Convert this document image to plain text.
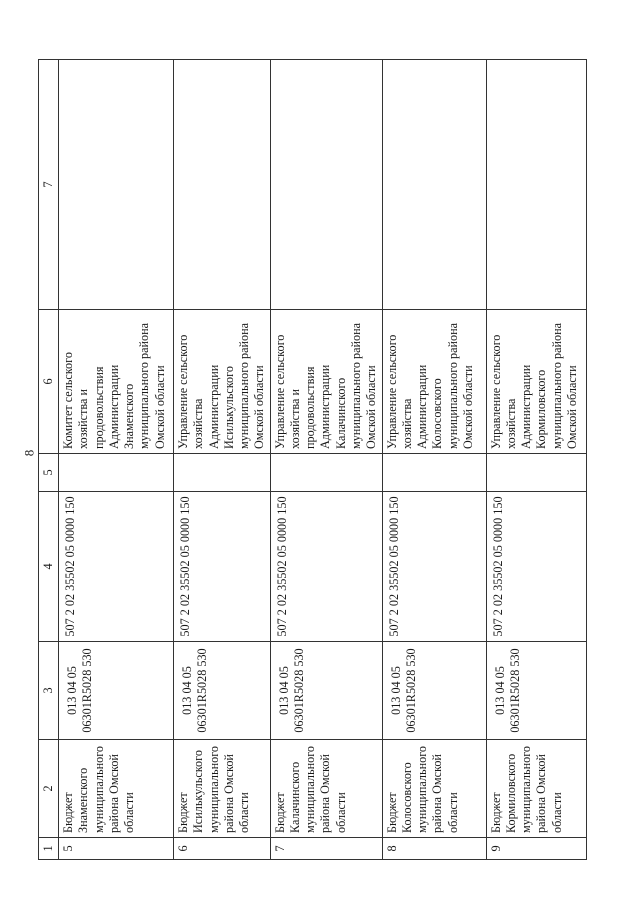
8
1	2	3	4	5	6	7
5	Бюджет Знаменского муниципального района Омской области	013 04 05 06301R5028 530	507 2 02 35502 05 0000 150		Комитет сельского хозяйства и продовольствия Администрации Знаменского муниципального района Омской области	
6	Бюджет Исилькульского муниципального района Омской области	013 04 05 06301R5028 530	507 2 02 35502 05 0000 150		Управление сельского хозяйства Администрации Исилькульского муниципального района Омской области	
7	Бюджет Калачинского муниципального района Омской области	013 04 05 06301R5028 530	507 2 02 35502 05 0000 150		Управление сельского хозяйства и продовольствия Администрации Калачинского муниципального района Омской области	
8	Бюджет Колосовского муниципального района Омской области	013 04 05 06301R5028 530	507 2 02 35502 05 0000 150		Управление сельского хозяйства Администрации Колосовского муниципального района Омской области	
9	Бюджет Кормиловского муниципального района Омской области	013 04 05 06301R5028 530	507 2 02 35502 05 0000 150		Управление сельского хозяйства Администрации Кормиловского муниципального района Омской области	
